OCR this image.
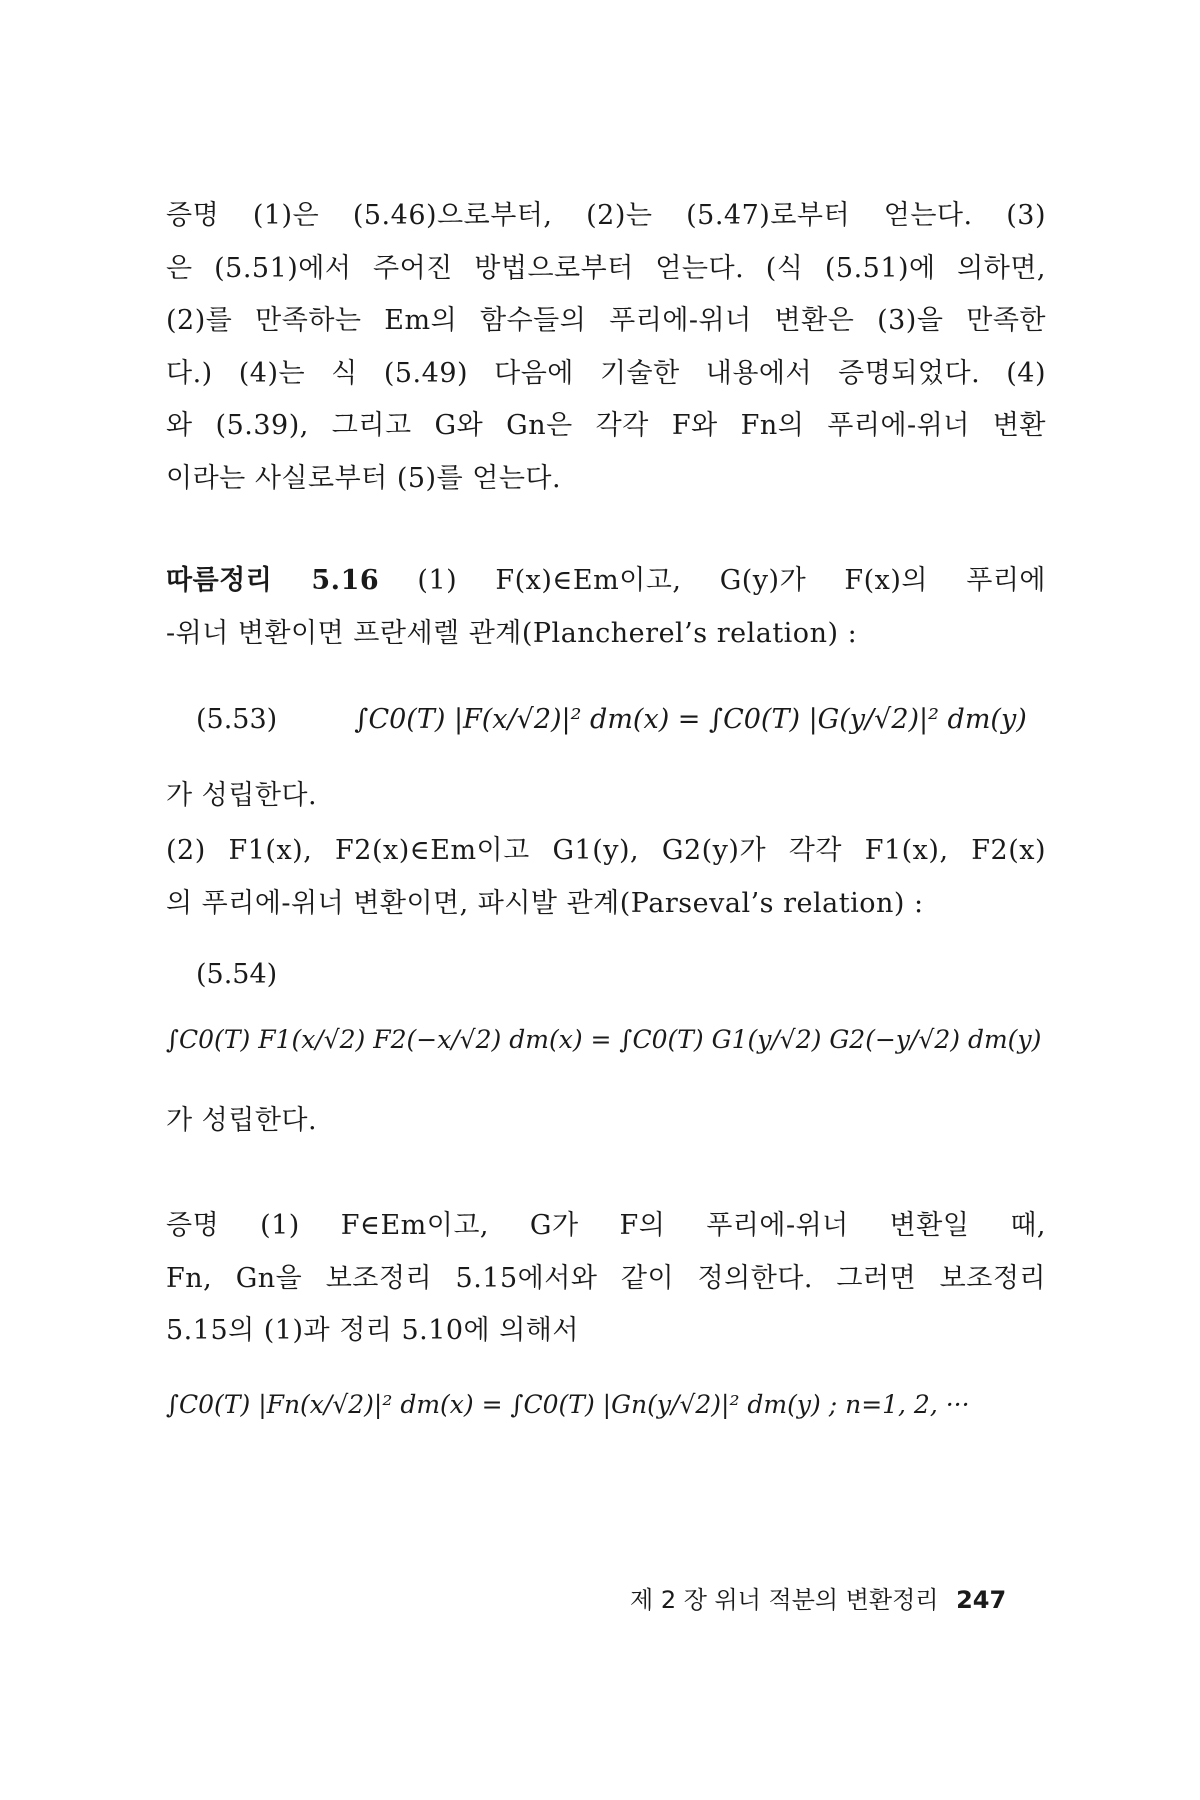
증명 (1)은 (5.46)으로부터, (2)는 (5.47)로부터 얻는다. (3)

은 (5.51)에서 주어진 방법으로부터 얻는다. (식 (5.51)에 의하면,

(2)를 만족하는 Em의 함수들의 푸리에-위너 변환은 (3)을 만족한

다.) (4)는 식 (5.49) 다음에 기술한 내용에서 증명되었다. (4)

와 (5.39), 그리고 G와 Gn은 각각 F와 Fn의 푸리에-위너 변환

이라는 사실로부터 (5)를 얻는다.

따름정리 5.16 (1) F(x)∈Em이고, G(y)가 F(x)의 푸리에

-위너 변환이면 프란세렐 관계(Plancherel’s relation) :

(5.53)	∫C0(T) |F(x/√2)|² dm(x) = ∫C0(T) |G(y/√2)|² dm(y)

가 성립한다.

(2) F1(x), F2(x)∈Em이고 G1(y), G2(y)가 각각 F1(x), F2(x)

의 푸리에-위너 변환이면, 파시발 관계(Parseval’s relation) :

(5.54)
∫C0(T) F1(x/√2) F2(−x/√2) dm(x) = ∫C0(T) G1(y/√2) G2(−y/√2) dm(y)

가 성립한다.

증명 (1) F∈Em이고, G가 F의 푸리에-위너 변환일 때,

Fn, Gn을 보조정리 5.15에서와 같이 정의한다. 그러면 보조정리

5.15의 (1)과 정리 5.10에 의해서

∫C0(T) |Fn(x/√2)|² dm(x) = ∫C0(T) |Gn(y/√2)|² dm(y) ; n=1, 2, ···
제 2 장 위너 적분의 변환정리 247
